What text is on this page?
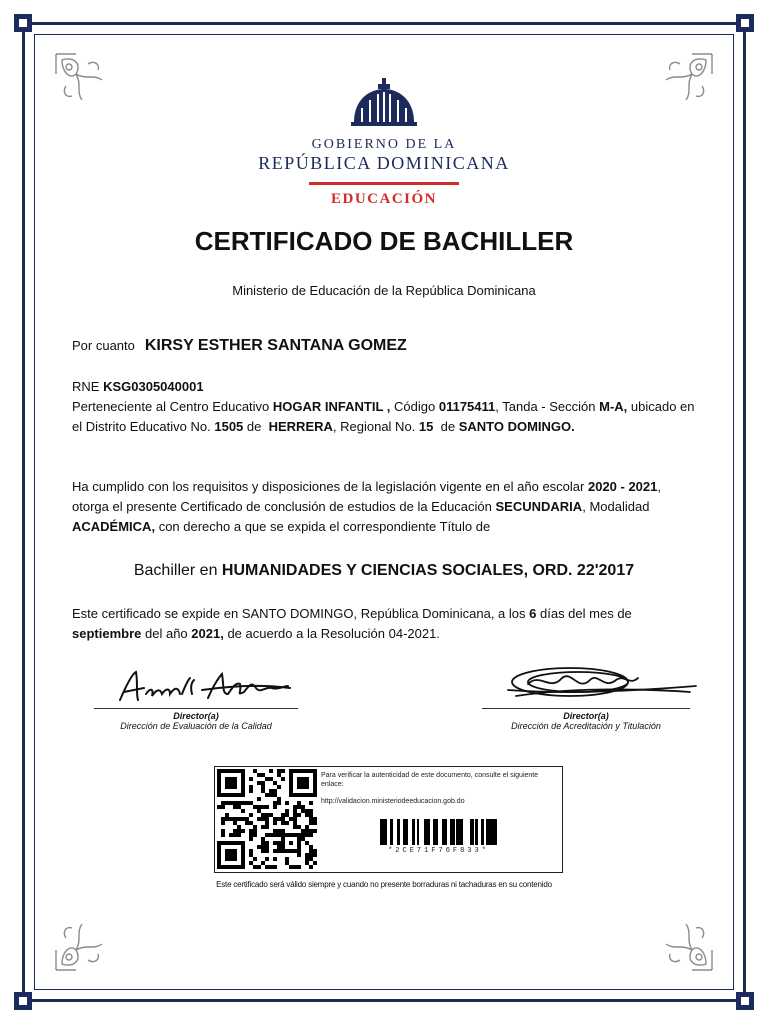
GOBIERNO DE LA
REPÚBLICA DOMINICANA
EDUCACIÓN
CERTIFICADO DE BACHILLER
Ministerio de Educación de la República Dominicana
Por cuanto KIRSY ESTHER SANTANA GOMEZ
RNE KSG0305040001
Perteneciente al Centro Educativo HOGAR INFANTIL , Código 01175411, Tanda - Sección M-A, ubicado en el Distrito Educativo No. 1505 de HERRERA, Regional No. 15 de SANTO DOMINGO.
Ha cumplido con los requisitos y disposiciones de la legislación vigente en el año escolar 2020 - 2021, otorga el presente Certificado de conclusión de estudios de la Educación SECUNDARIA, Modalidad ACADÉMICA, con derecho a que se expida el correspondiente Título de
Bachiller en HUMANIDADES Y CIENCIAS SOCIALES, ORD. 22'2017
Este certificado se expide en SANTO DOMINGO, República Dominicana, a los 6 días del mes de septiembre del año 2021, de acuerdo a la Resolución 04-2021.
Director(a)
Dirección de Evaluación de la Calidad
Director(a)
Dirección de Acreditación y Titulación
Para verificar la autenticidad de este documento, consulte el siguiente enlace:
http://validacion.ministeriodeeducacion.gob.do
*2CE71F76F833*
Este certificado será válido siempre y cuando no presente borraduras ni tachaduras en su contenido
